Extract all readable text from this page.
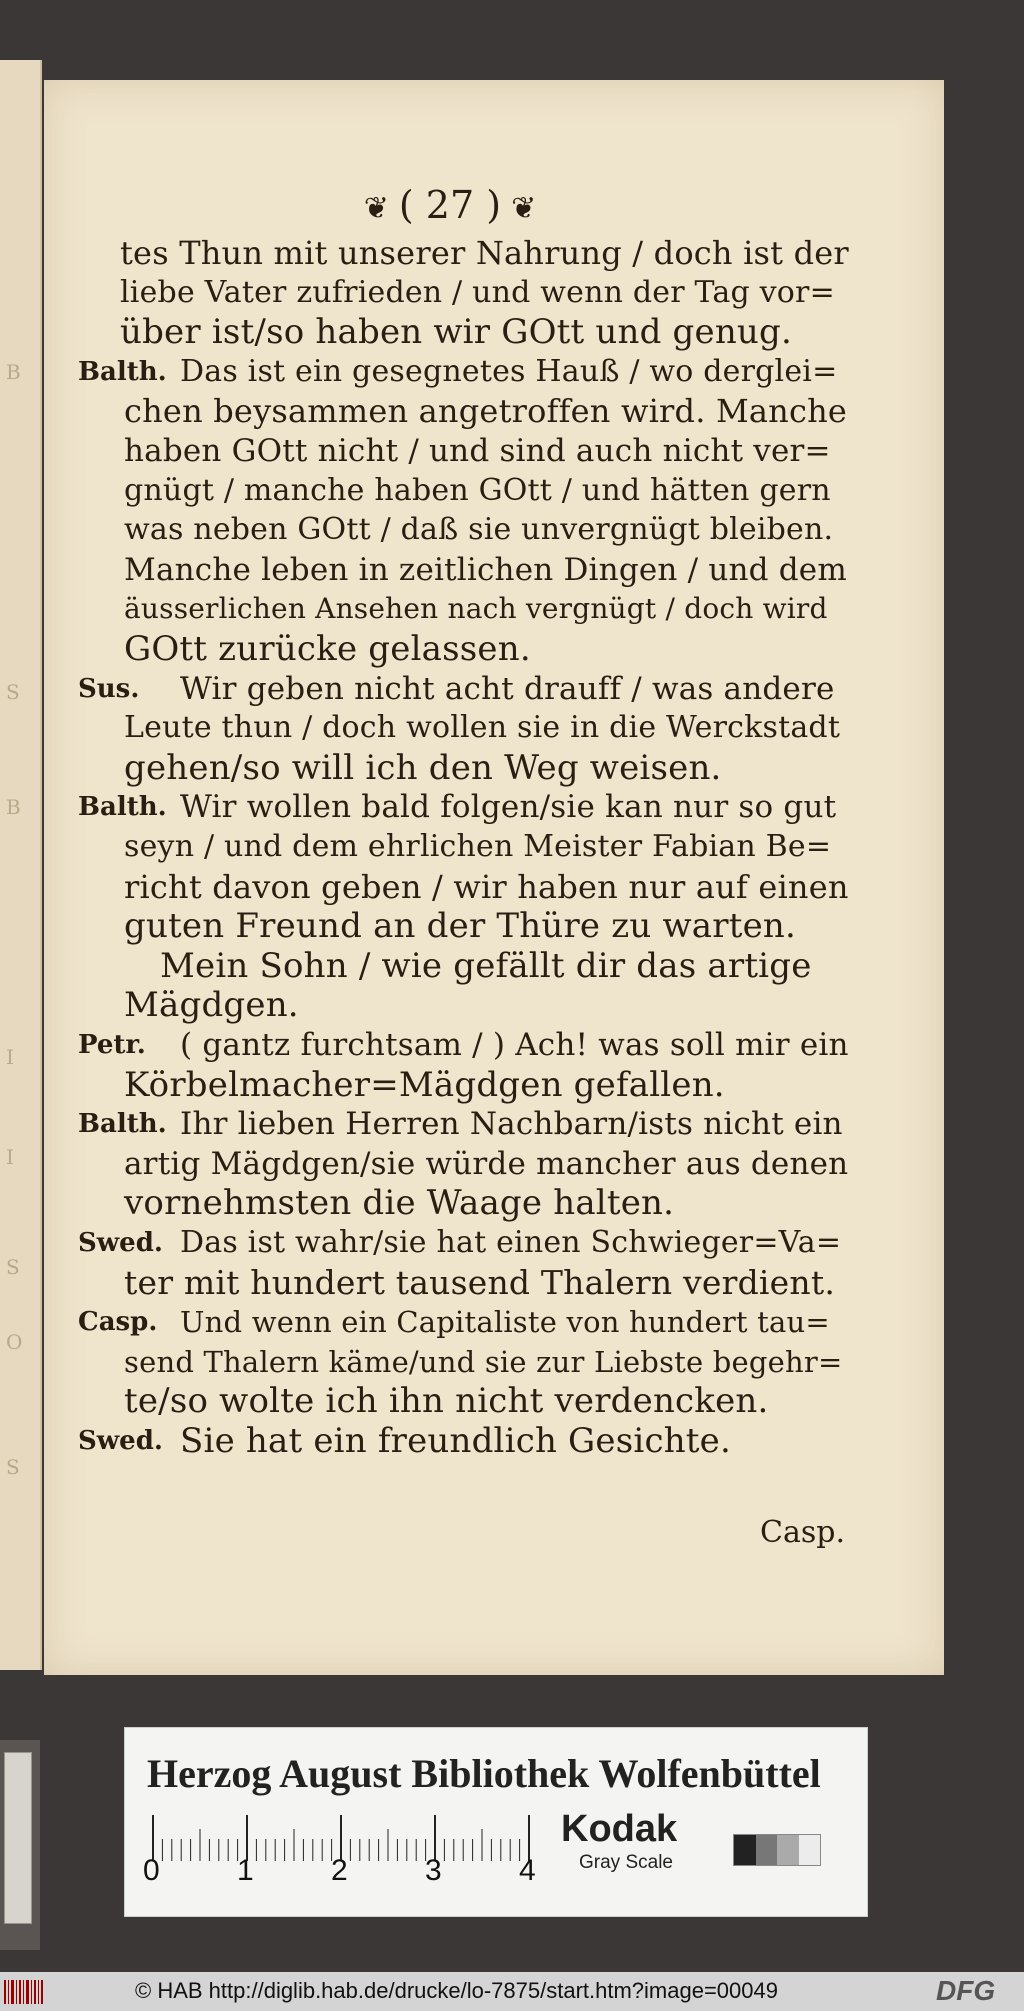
B
S
B
I
I
S
O
S
❦ ( 27 ) ❦
tes Thun mit unserer Nahrung / doch ist der
liebe Vater zufrieden / und wenn der Tag vor=
über ist/so haben wir GOtt und genug.
Balth. Das ist ein gesegnetes Hauß / wo derglei=
chen beysammen angetroffen wird. Manche
haben GOtt nicht / und sind auch nicht ver=
gnügt / manche haben GOtt / und hätten gern
was neben GOtt / daß sie unvergnügt bleiben.
Manche leben in zeitlichen Dingen / und dem
äusserlichen Ansehen nach vergnügt / doch wird
GOtt zurücke gelassen.
Sus. Wir geben nicht acht drauff / was andere
Leute thun / doch wollen sie in die Werckstadt
gehen/so will ich den Weg weisen.
Balth. Wir wollen bald folgen/sie kan nur so gut
seyn / und dem ehrlichen Meister Fabian Be=
richt davon geben / wir haben nur auf einen
guten Freund an der Thüre zu warten.
Mein Sohn / wie gefällt dir das artige
Mägdgen.
Petr. ( gantz furchtsam / ) Ach! was soll mir ein
Körbelmacher=Mägdgen gefallen.
Balth. Ihr lieben Herren Nachbarn/ists nicht ein
artig Mägdgen/sie würde mancher aus denen
vornehmsten die Waage halten.
Swed. Das ist wahr/sie hat einen Schwieger=Va=
ter mit hundert tausend Thalern verdient.
Casp. Und wenn ein Capitaliste von hundert tau=
send Thalern käme/und sie zur Liebste begehr=
te/so wolte ich ihn nicht verdencken.
Swed. Sie hat ein freundlich Gesichte.
Casp.
Herzog August Bibliothek Wolfenbüttel
0	1	2	3	4
Kodak
Gray Scale
© HAB http://diglib.hab.de/drucke/lo-7875/start.htm?image=00049	DFG
